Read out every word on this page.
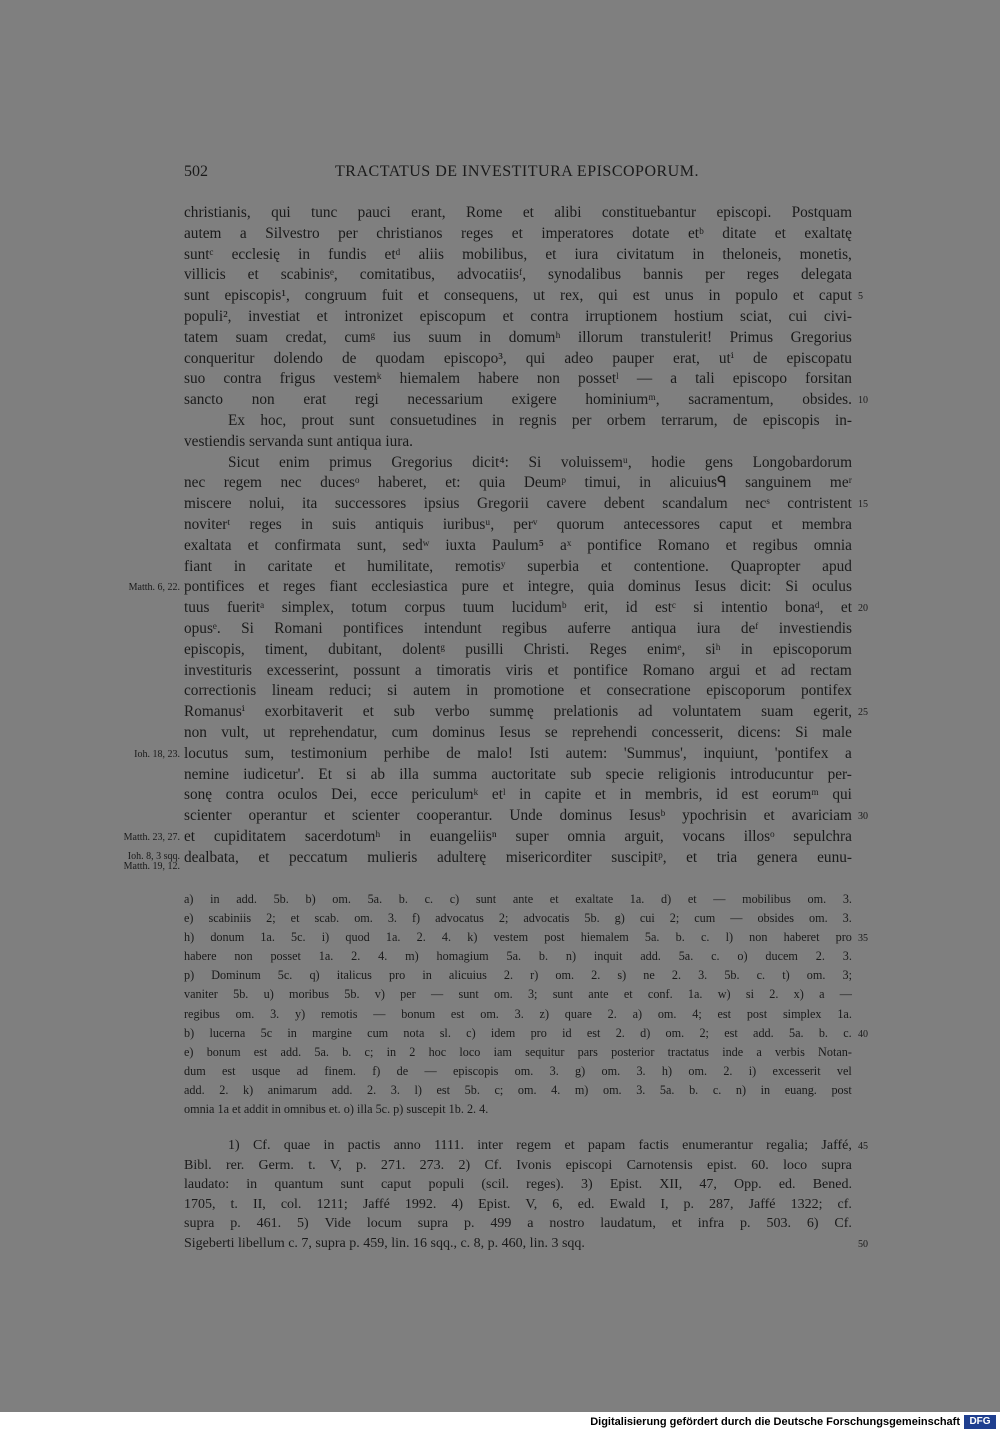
502	TRACTATUS DE INVESTITURA EPISCOPORUM.
christianis, qui tunc pauci erant, Rome et alibi constituebantur episcopi. Postquam
autem a Silvestro per christianos reges et imperatores dotate etᵇ ditate et exaltatę
suntᶜ ecclesię in fundis etᵈ aliis mobilibus, et iura civitatum in theloneis, monetis,
villicis et scabinisᵉ, comitatibus, advocatiisᶠ, synodalibus bannis per reges delegata
sunt episcopis¹, congruum fuit et consequens, ut rex, qui est unus in populo et caput
populi², investiat et intronizet episcopum et contra irruptionem hostium sciat, cui civi-
tatem suam credat, cumᵍ ius suum in domumʰ illorum transtulerit! Primus Gregorius
conqueritur dolendo de quodam episcopo³, qui adeo pauper erat, utⁱ de episcopatu
suo contra frigus vestemᵏ hiemalem habere non possetˡ — a tali episcopo forsitan
sancto non erat regi necessarium exigere hominiumᵐ, sacramentum, obsides.
Ex hoc, prout sunt consuetudines in regnis per orbem terrarum, de episcopis in-
vestiendis servanda sunt antiqua iura.
Sicut enim primus Gregorius dicit⁴: Si voluissemᵘ, hodie gens Longobardorum
nec regem nec ducesᵒ haberet, et: quia Deumᵖ timui, in alicuiusᑫ sanguinem meʳ
miscere nolui, ita successores ipsius Gregorii cavere debent scandalum necˢ contristent
noviterᵗ reges in suis antiquis iuribusᵘ, perᵛ quorum antecessores caput et membra
exaltata et confirmata sunt, sedʷ iuxta Paulum⁵ aˣ pontifice Romano et regibus omnia
fiant in caritate et humilitate, remotisʸ superbia et contentione. Quapropter apud
pontifices et reges fiant ecclesiastica pure et integre, quia dominus Iesus dicit: Si oculus
tuus fueritᵃ simplex, totum corpus tuum lucidumᵇ erit, id estᶜ si intentio bonaᵈ, et
opusᵉ. Si Romani pontifices intendunt regibus auferre antiqua iura deᶠ investiendis
episcopis, timent, dubitant, dolentᵍ pusilli Christi. Reges enimᵉ, siʰ in episcoporum
investituris excesserint, possunt a timoratis viris et pontifice Romano argui et ad rectam
correctionis lineam reduci; si autem in promotione et consecratione episcoporum pontifex
Romanusⁱ exorbitaverit et sub verbo summę prelationis ad voluntatem suam egerit,
non vult, ut reprehendatur, cum dominus Iesus se reprehendi concesserit, dicens: Si male
locutus sum, testimonium perhibe de malo! Isti autem: 'Summus', inquiunt, 'pontifex a
nemine iudicetur'. Et si ab illa summa auctoritate sub specie religionis introducuntur per-
sonę contra oculos Dei, ecce periculumᵏ etˡ in capite et in membris, id est eorumᵐ qui
scienter operantur et scienter cooperantur. Unde dominus Iesusᵇ ypochrisin et avariciam
et cupiditatem sacerdotumʰ in euangeliisⁿ super omnia arguit, vocans illosᵒ sepulchra
dealbata, et peccatum mulieris adulterę misericorditer suscipitᵖ, et tria genera eunu-
5
10
15
20
25
30
Matth. 6, 22.
Ioh. 18, 23.
Matth. 23, 27.
Ioh. 8, 3 sqq.
Matth. 19, 12.
a) in add. 5b. b) om. 5a. b. c. c) sunt ante et exaltate 1a. d) et — mobilibus om. 3.
e) scabiniis 2; et scab. om. 3. f) advocatus 2; advocatis 5b. g) cui 2; cum — obsides om. 3.
h) donum 1a. 5c. i) quod 1a. 2. 4. k) vestem post hiemalem 5a. b. c. l) non haberet pro
habere non posset 1a. 2. 4. m) homagium 5a. b. n) inquit add. 5a. c. o) ducem 2. 3.
p) Dominum 5c. q) italicus pro in alicuius 2. r) om. 2. s) ne 2. 3. 5b. c. t) om. 3;
vaniter 5b. u) moribus 5b. v) per — sunt om. 3; sunt ante et conf. 1a. w) si 2. x) a —
regibus om. 3. y) remotis — bonum est om. 3. z) quare 2. a) om. 4; est post simplex 1a.
b) lucerna 5c in margine cum nota sl. c) idem pro id est 2. d) om. 2; est add. 5a. b. c.
e) bonum est add. 5a. b. c; in 2 hoc loco iam sequitur pars posterior tractatus inde a verbis Notan-
dum est usque ad finem. f) de — episcopis om. 3. g) om. 3. h) om. 2. i) excesserit vel
add. 2. k) animarum add. 2. 3. l) est 5b. c; om. 4. m) om. 3. 5a. b. c. n) in euang. post
omnia 1a et addit in omnibus et. o) illa 5c. p) suscepit 1b. 2. 4.
35
40
1) Cf. quae in pactis anno 1111. inter regem et papam factis enumerantur regalia; Jaffé,
Bibl. rer. Germ. t. V, p. 271. 273. 2) Cf. Ivonis episcopi Carnotensis epist. 60. loco supra
laudato: in quantum sunt caput populi (scil. reges). 3) Epist. XII, 47, Opp. ed. Bened.
1705, t. II, col. 1211; Jaffé 1992. 4) Epist. V, 6, ed. Ewald I, p. 287, Jaffé 1322; cf.
supra p. 461. 5) Vide locum supra p. 499 a nostro laudatum, et infra p. 503. 6) Cf.
Sigeberti libellum c. 7, supra p. 459, lin. 16 sqq., c. 8, p. 460, lin. 3 sqq.
45
50
Digitalisierung gefördert durch die Deutsche Forschungsgemeinschaft DFG
